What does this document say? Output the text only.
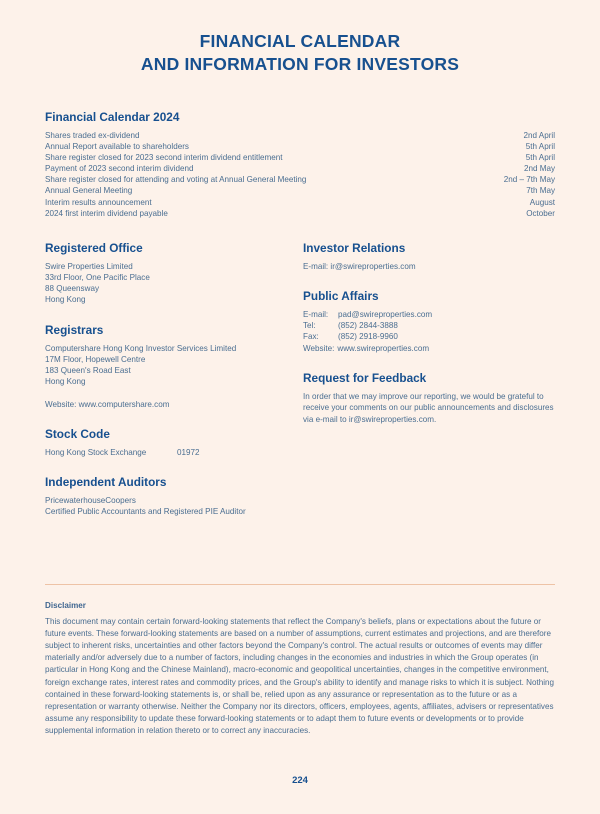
FINANCIAL CALENDAR
AND INFORMATION FOR INVESTORS
Financial Calendar 2024
Shares traded ex-dividend	2nd April
Annual Report available to shareholders	5th April
Share register closed for 2023 second interim dividend entitlement	5th April
Payment of 2023 second interim dividend	2nd May
Share register closed for attending and voting at Annual General Meeting	2nd – 7th May
Annual General Meeting	7th May
Interim results announcement	August
2024 first interim dividend payable	October
Registered Office
Swire Properties Limited
33rd Floor, One Pacific Place
88 Queensway
Hong Kong
Registrars
Computershare Hong Kong Investor Services Limited
17M Floor, Hopewell Centre
183 Queen's Road East
Hong Kong
Website: www.computershare.com
Stock Code
Hong Kong Stock Exchange	01972
Independent Auditors
PricewaterhouseCoopers
Certified Public Accountants and Registered PIE Auditor
Investor Relations
E-mail: ir@swireproperties.com
Public Affairs
E-mail:	pad@swireproperties.com
Tel:	(852) 2844-3888
Fax:	(852) 2918-9960
Website: www.swireproperties.com
Request for Feedback
In order that we may improve our reporting, we would be grateful to receive your comments on our public announcements and disclosures via e-mail to ir@swireproperties.com.
Disclaimer
This document may contain certain forward-looking statements that reflect the Company's beliefs, plans or expectations about the future or future events. These forward-looking statements are based on a number of assumptions, current estimates and projections, and are therefore subject to inherent risks, uncertainties and other factors beyond the Company's control. The actual results or outcomes of events may differ materially and/or adversely due to a number of factors, including changes in the economies and industries in which the Group operates (in particular in Hong Kong and the Chinese Mainland), macro-economic and geopolitical uncertainties, changes in the competitive environment, foreign exchange rates, interest rates and commodity prices, and the Group's ability to identify and manage risks to which it is subject. Nothing contained in these forward-looking statements is, or shall be, relied upon as any assurance or representation as to the future or as a representation or warranty otherwise. Neither the Company nor its directors, officers, employees, agents, affiliates, advisers or representatives assume any responsibility to update these forward-looking statements or to adapt them to future events or developments or to provide supplemental information in relation thereto or to correct any inaccuracies.
224
